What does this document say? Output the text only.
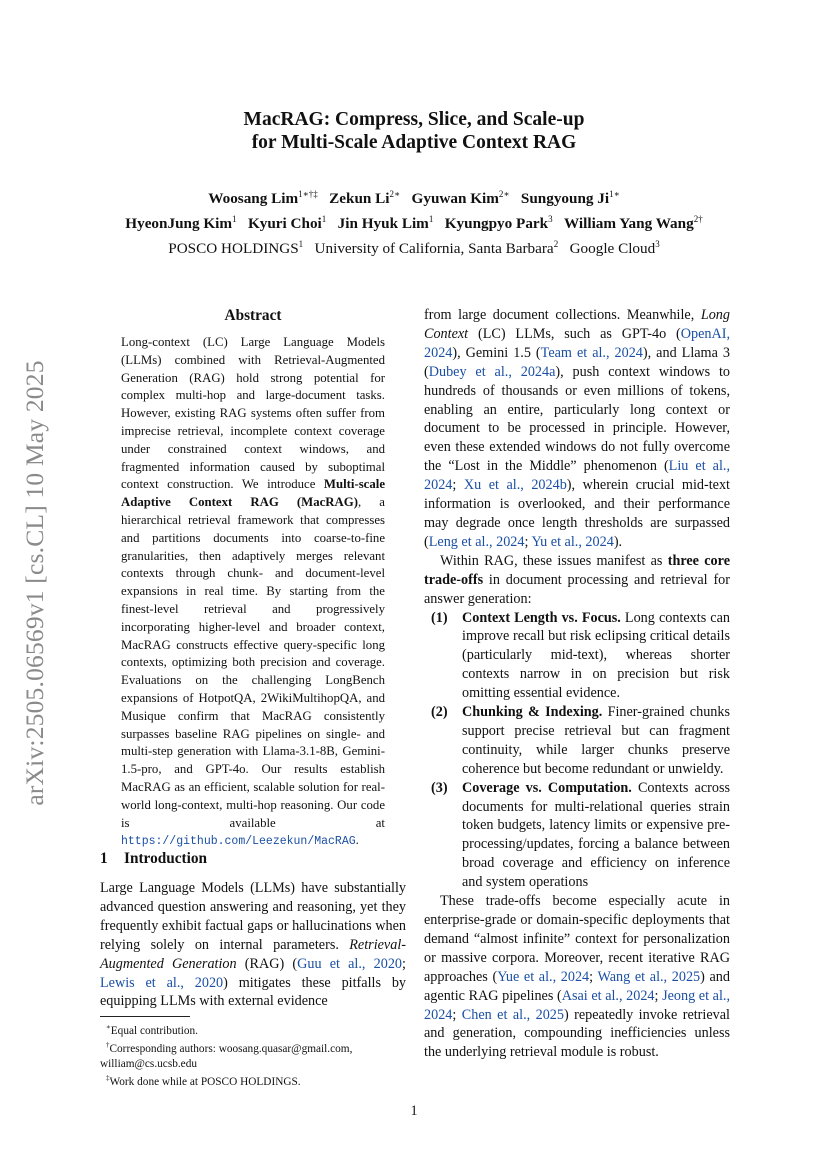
arXiv:2505.06569v1 [cs.CL] 10 May 2025
MacRAG: Compress, Slice, and Scale-up
for Multi-Scale Adaptive Context RAG
Woosang Lim$^{1∗\dagger\ddagger}$ Zekun $Li^{2∗}$ Gyuwan Kim$^{2∗}$ Sungyoung $Ji^{1∗}$
HyeonJung Kim$^1$ Kyuri Choi$^1$ Jin Hyuk Lim$^1$ Kyungpyo Park$^3$ William Yang Wang$^{2\dagger}$
POSCO HOLDINGS$^1$ University of California, Santa Barbara$^2$ Google Cloud$^3$
Abstract
Long-context (LC) Large Language Models (LLMs) combined with Retrieval-Augmented Generation (RAG) hold strong potential for complex multi-hop and large-document tasks. However, existing RAG systems often suffer from imprecise retrieval, incomplete context coverage under constrained context windows, and fragmented information caused by suboptimal context construction. We introduce Multi-scale Adaptive Context RAG (MacRAG), a hierarchical retrieval framework that compresses and partitions documents into coarse-to-fine granularities, then adaptively merges relevant contexts through chunk- and document-level expansions in real time. By starting from the finest-level retrieval and progressively incorporating higher-level and broader context, MacRAG constructs effective query-specific long contexts, optimizing both precision and coverage. Evaluations on the challenging LongBench expansions of HotpotQA, 2WikiMultihopQA, and Musique confirm that MacRAG consistently surpasses baseline RAG pipelines on single- and multi-step generation with Llama-3.1-8B, Gemini-1.5-pro, and GPT-4o. Our results establish MacRAG as an efficient, scalable solution for real-world long-context, multi-hop reasoning. Our code is available at https://github.com/Leezekun/MacRAG.
1 Introduction
Large Language Models (LLMs) have substantially advanced question answering and reasoning, yet they frequently exhibit factual gaps or hallucinations when relying solely on internal parameters. Retrieval-Augmented Generation (RAG) (Guu et al., 2020; Lewis et al., 2020) mitigates these pitfalls by equipping LLMs with external evidence
∗Equal contribution.
†Corresponding authors: woosang.quasar@gmail.com,
william@cs.ucsb.edu
‡Work done while at POSCO HOLDINGS.

from large document collections. Meanwhile, Long Context (LC) LLMs, such as GPT-4o (OpenAI, 2024), Gemini 1.5 (Team et al., 2024), and Llama 3 (Dubey et al., 2024a), push context windows to hundreds of thousands or even millions of tokens, enabling an entire, particularly long context or document to be processed in principle. However, even these extended windows do not fully overcome the “Lost in the Middle” phenomenon (Liu et al., 2024; Xu et al., 2024b), wherein crucial mid-text information is overlooked, and their performance may degrade once length thresholds are surpassed (Leng et al., 2024; Yu et al., 2024).

Within RAG, these issues manifest as three core trade-offs in document processing and retrieval for answer generation:

(1)	Context Length vs. Focus. Long contexts can improve recall but risk eclipsing critical details (particularly mid-text), whereas shorter contexts narrow in on precision but risk omitting essential evidence.
(2)	Chunking & Indexing. Finer-grained chunks support precise retrieval but can fragment continuity, while larger chunks preserve coherence but become redundant or unwieldy.
(3)	Coverage vs. Computation. Contexts across documents for multi-relational queries strain token budgets, latency limits or expensive pre-processing/updates, forcing a balance between broad coverage and efficiency on inference and system operations

These trade-offs become especially acute in enterprise-grade or domain-specific deployments that demand “almost infinite” context for personalization or massive corpora. Moreover, recent iterative RAG approaches (Yue et al., 2024; Wang et al., 2025) and agentic RAG pipelines (Asai et al., 2024; Jeong et al., 2024; Chen et al., 2025) repeatedly invoke retrieval and generation, compounding inefficiencies unless the underlying retrieval module is robust.

1
